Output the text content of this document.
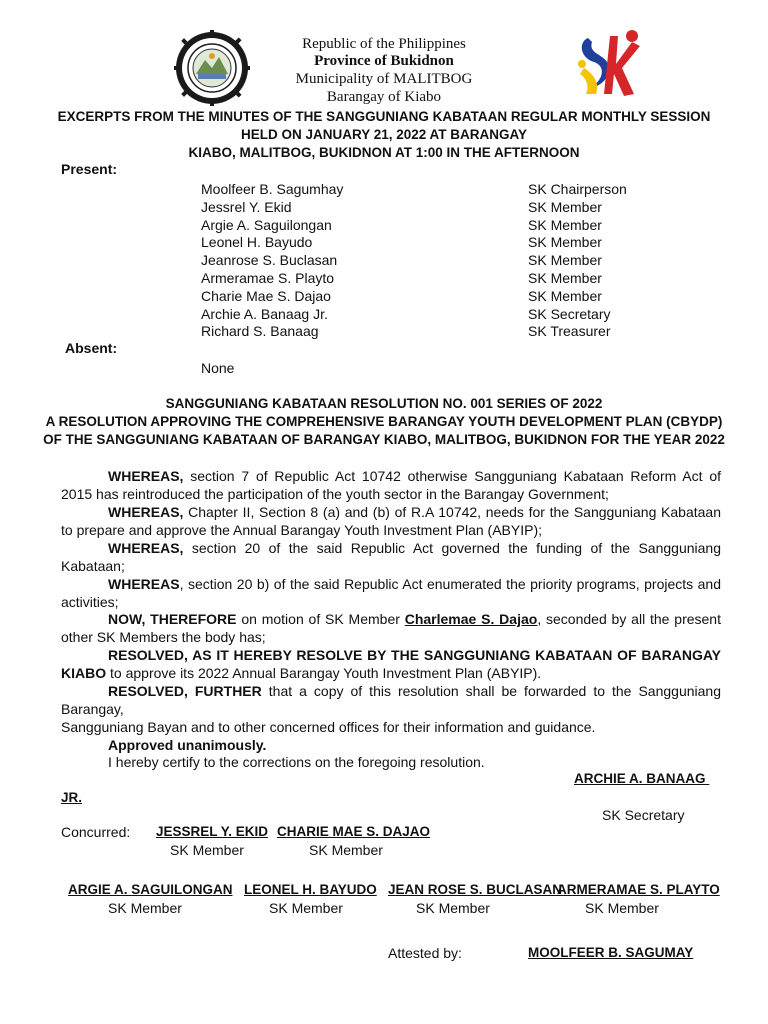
Republic of the Philippines
Province of Bukidnon
Municipality of MALITBOG
Barangay of Kiabo
EXCERPTS FROM THE MINUTES OF THE SANGGUNIANG KABATAAN REGULAR MONTHLY SESSION
HELD ON JANUARY 21, 2022 AT BARANGAY
KIABO, MALITBOG, BUKIDNON AT 1:00 IN THE AFTERNOON
Present:
Moolfeer B. Sagumhay	SK Chairperson
Jessrel Y. Ekid	SK Member
Argie A. Saguilongan	SK Member
Leonel H. Bayudo	SK Member
Jeanrose S. Buclasan	SK Member
Armeramae S. Playto	SK Member
Charie Mae S. Dajao	SK Member
Archie A. Banaag Jr.	SK Secretary
Richard S. Banaag	SK Treasurer
Absent:
None
SANGGUNIANG KABATAAN RESOLUTION NO. 001 SERIES OF 2022
A RESOLUTION APPROVING THE COMPREHENSIVE BARANGAY YOUTH DEVELOPMENT PLAN (CBYDP)
OF THE SANGGUNIANG KABATAAN OF BARANGAY KIABO, MALITBOG, BUKIDNON FOR THE YEAR 2022
WHEREAS, section 7 of Republic Act 10742 otherwise Sangguniang Kabataan Reform Act of 2015 has reintroduced the participation of the youth sector in the Barangay Government;
WHEREAS, Chapter II, Section 8 (a) and (b) of R.A 10742, needs for the Sangguniang Kabataan to prepare and approve the Annual Barangay Youth Investment Plan (ABYIP);
WHEREAS, section 20 of the said Republic Act governed the funding of the Sangguniang Kabataan;
WHEREAS, section 20 b) of the said Republic Act enumerated the priority programs, projects and activities;
NOW, THEREFORE on motion of SK Member Charlemae S. Dajao, seconded by all the present other SK Members the body has;
RESOLVED, AS IT HEREBY RESOLVE BY THE SANGGUNIANG KABATAAN OF BARANGAY KIABO to approve its 2022 Annual Barangay Youth Investment Plan (ABYIP).
RESOLVED, FURTHER that a copy of this resolution shall be forwarded to the Sangguniang Barangay,
Sangguniang Bayan and to other concerned offices for their information and guidance.
Approved unanimously.
I hereby certify to the corrections on the foregoing resolution.
ARCHIE A. BANAAG
JR.
SK Secretary
Concurred: JESSREL Y. EKID
SK Member
CHARIE MAE S. DAJAO
SK Member
ARGIE A. SAGUILONGAN
SK Member
LEONEL H. BAYUDO
SK Member
JEAN ROSE S. BUCLASAN
SK Member
ARMERAMAE S. PLAYTO
SK Member
Attested by:	MOOLFEER B. SAGUMAY
